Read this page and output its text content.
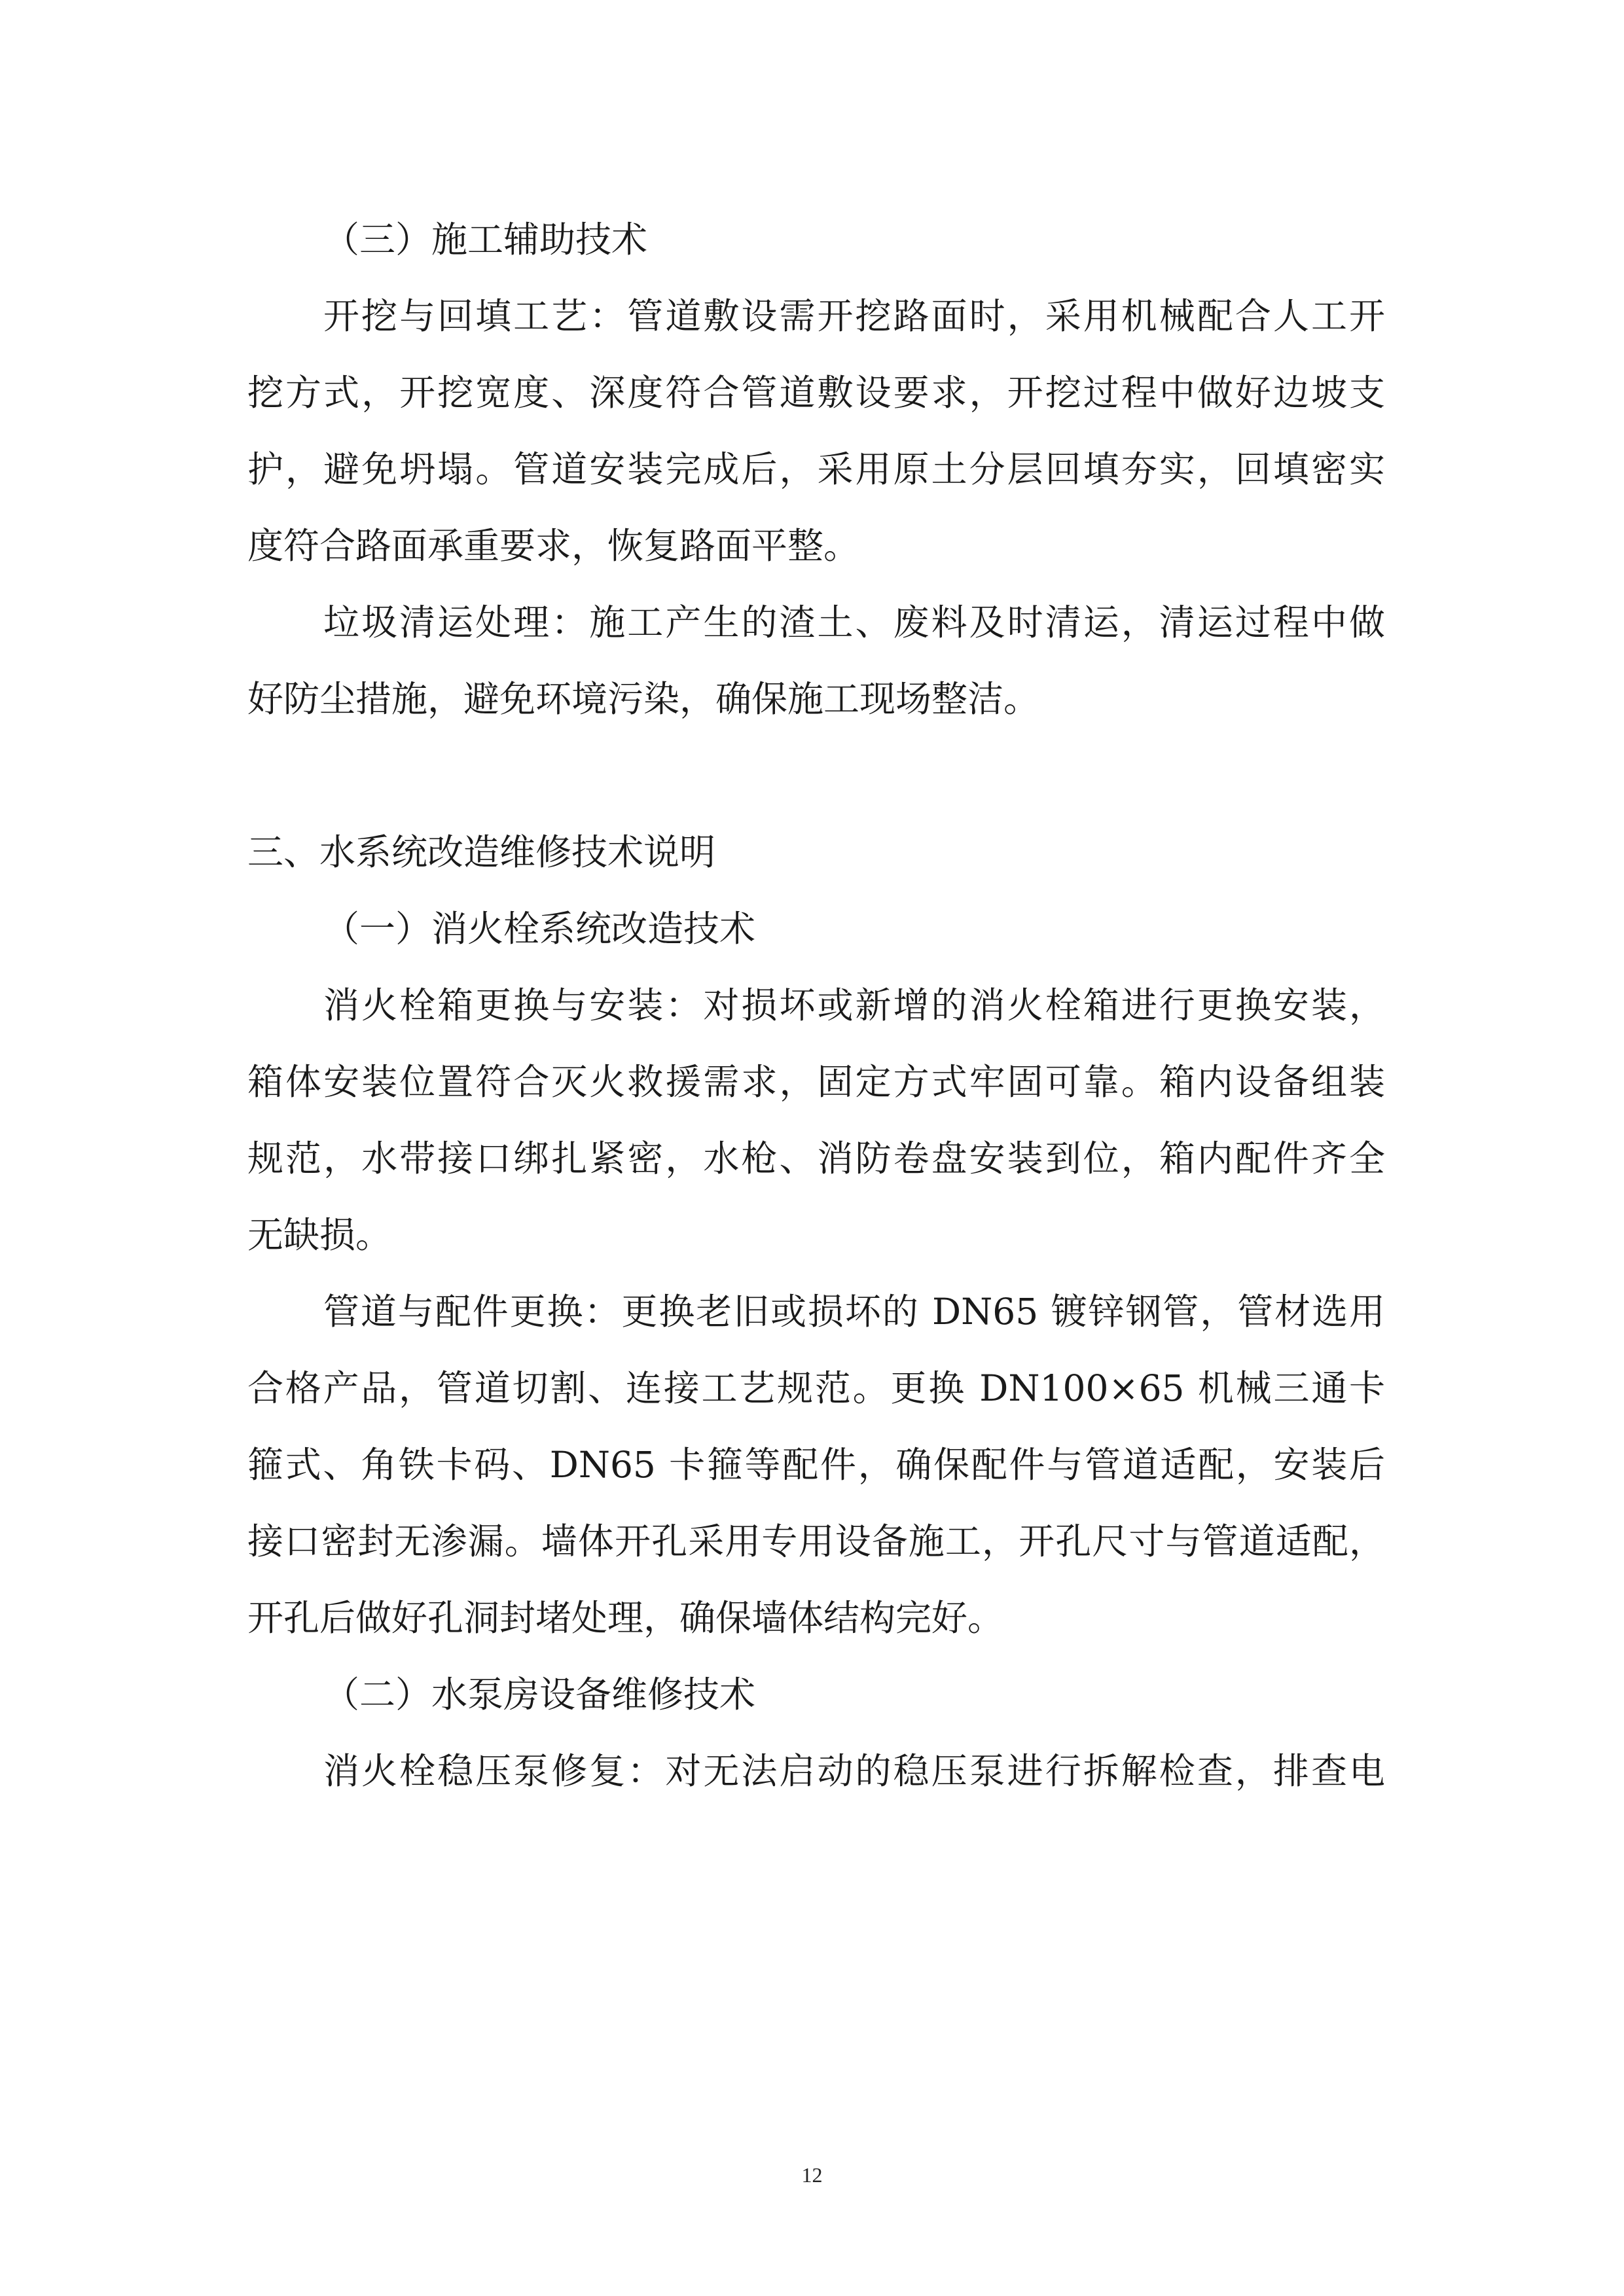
（三）施工辅助技术
开挖与回填工艺：管道敷设需开挖路面时，采用机械配合人工开
挖方式，开挖宽度、深度符合管道敷设要求，开挖过程中做好边坡支
护，避免坍塌。管道安装完成后，采用原土分层回填夯实，回填密实
度符合路面承重要求，恢复路面平整。
垃圾清运处理：施工产生的渣土、废料及时清运，清运过程中做
好防尘措施，避免环境污染，确保施工现场整洁。
三、水系统改造维修技术说明
（一）消火栓系统改造技术
消火栓箱更换与安装：对损坏或新增的消火栓箱进行更换安装，
箱体安装位置符合灭火救援需求，固定方式牢固可靠。箱内设备组装
规范，水带接口绑扎紧密，水枪、消防卷盘安装到位，箱内配件齐全
无缺损。
管道与配件更换：更换老旧或损坏的 DN65 镀锌钢管，管材选用
合格产品，管道切割、连接工艺规范。更换 DN100×65 机械三通卡
箍式、角铁卡码、DN65 卡箍等配件，确保配件与管道适配，安装后
接口密封无渗漏。墙体开孔采用专用设备施工，开孔尺寸与管道适配，
开孔后做好孔洞封堵处理，确保墙体结构完好。
（二）水泵房设备维修技术
消火栓稳压泵修复：对无法启动的稳压泵进行拆解检查，排查电
12
